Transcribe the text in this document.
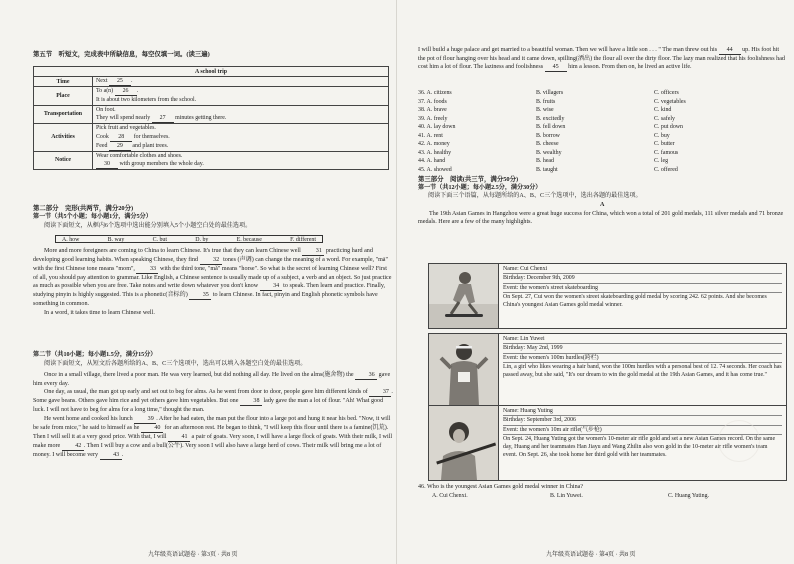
第五节　听短文，完成表中所缺信息，每空仅填一词。(读三遍)
A school trip	
Time	Next 25 .

Place	To a(n) 26 .
It is about two kilometers from the school.

Transportation	On foot.
They will spend nearly 27 minutes getting there.

Activities	Pick fruit and vegetables.
Cook 28 for themselves.
Feed 29 and plant trees.

Notice	Wear comfortable clothes and shoes.
30 with group members the whole day.
第二部分　完形(共两节，满分20分)
第一节（共5个小题；每小题1分，满分5分）
阅读下面短文，从框内6个选项中选出能分别填入5个小题空白处的最佳选项。
A. how	B. way	C. but	D. by	E. because	F. different

More and more foreigners are coming to China to learn Chinese. It's true that they can learn Chinese well 31 practicing hard and developing good learning habits. When speaking Chinese, they find 32 tones (声调) can change the meaning of a word. For example, "mā" with the first Chinese tone means "mom", 33 with the third tone, "mǎ" means "horse". So what is the secret of learning Chinese well? First of all, you should pay attention to grammar. Like English, a Chinese sentence is usually made up of a subject, a verb and an object. So just practice as much as possible when you are free. Take notes and write down whatever you don't know 34 to speak. Then learn and practice. Finally, studying pinyin is highly suggested. This is a phonetic(音标的) 35 to learn Chinese. In fact, pinyin and English phonetic symbols have something in common.

In a word, it takes time to learn Chinese well.

第二节（共10小题；每小题1.5分，满分15分）
阅读下面短文，从短文后各题所给的A、B、C三个选项中，选出可以填入各题空白处的最佳选项。

Once in a small village, there lived a poor man. He was very learned, but did nothing all day. He lived on the alms(施舍物) the 36 gave him every day.

One day, as usual, the man got up early and set out to beg for alms. As he went from door to door, people gave him different kinds of 37 . Some gave beans. Others gave him rice and yet others gave him vegetables. But one 38 lady gave the man a lot of flour. "Ah! What good luck. I will not have to beg for alms for a long time," thought the man.

He went home and cooked his lunch 39 . After he had eaten, the man put the flour into a large pot and hung it near his bed. "Now, it will be safe from mice," he said to himself as he 40 for an afternoon rest. He began to think, "I will keep this flour until there is a famine(饥荒). Then I will sell it at a very good price. With that, I will 41 a pair of goats. Very soon, I will have a large flock of goats. With their milk, I will make more 42 . Then I will buy a cow and a bull(公牛). Very soon I will also have a large herd of cows. Their milk will bring me a lot of money. I will become very 43 .

九年级英语试题卷 · 第3页 · 共8 页

I will build a huge palace and get married to a beautiful woman. Then we will have a little son . . . " The man threw out his 44 up. His foot hit the pot of flour hanging over his head and it came down, spilling(洒出) the flour all over the dirty floor. The lazy man realized that his foolishness had cost him a lot of flour. The laziness and foolishness 45 him a lesson. From then on, he lived an active life.

36. A. citizens	B. villagers	C. officers
37. A. foods	B. fruits	C. vegetables
38. A. brave	B. wise	C. kind
39. A. freely	B. excitedly	C. safely
40. A. lay down	B. fell down	C. put down
41. A. rent	B. borrow	C. buy
42. A. money	B. cheese	C. butter
43. A. healthy	B. wealthy	C. famous
44. A. hand	B. head	C. leg
45. A. showed	B. taught	C. offered
第三部分　阅读(共三节，满分50分)
第一节（共12小题；每小题2.5分，满分30分）
阅读下面三个语篇，从每题所给的A、B、C三个选项中，选出各题的最佳选项。
A
The 19th Asian Games in Hangzhou were a great huge success for China, which won a total of 201 gold medals, 111 silver medals and 71 bronze medals. Here are a few of the many highlights.
Name: Cui Chenxi
Birthday: December 9th, 2009
Event: the women's street skateboarding
On Sept. 27, Cui won the women's street skateboarding gold medal by scoring 242. 62 points. And she becomes China's youngest Asian Games gold medal winner.
Name: Lin Yuwei
Birthday: May 2nd, 1999
Event: the women's 100m hurdles(跨栏)
Lin, a girl who likes wearing a hair band, won the 100m hurdles with a personal best of 12. 74 seconds. Her coach has passed away, but she said, "It's our dream to win the gold medal at the 19th Asian Games, and it has come true."
Name: Huang Yuting
Birthday: September 3rd, 2006
Event: the women's 10m air rifle(气步枪)
On Sept. 24, Huang Yuting got the women's 10-meter air rifle gold and set a new Asian Games record. On the same day, Huang and her teammates Han Jiayu and Wang Zhilin also won gold in the 10-meter air rifle women's team event. On Sept. 26, she took home her third gold with her teammates.
46. Who is the youngest Asian Games gold medal winner in China?
A. Cui Chenxi.	B. Lin Yuwei.	C. Huang Yuting.
九年级英语试题卷 · 第4页 · 共8 页
